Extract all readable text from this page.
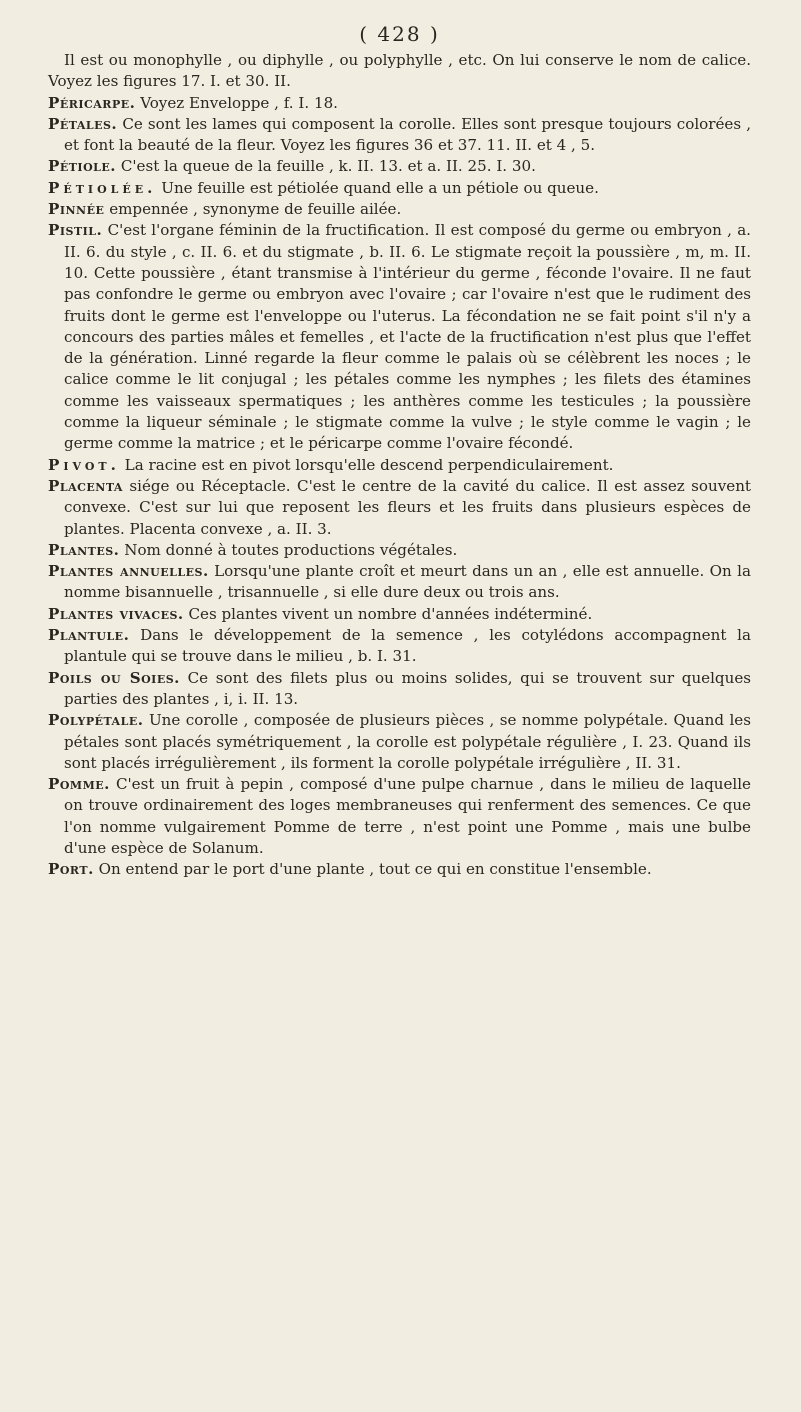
( 428 )

Il est ou monophylle , ou diphylle , ou polyphylle , etc. On lui conserve le nom de calice. Voyez les figures 17. I. et 30. II.

Péricarpe. Voyez Enveloppe , f. I. 18.

Pétales. Ce sont les lames qui composent la corolle. Elles sont presque toujours colorées , et font la beauté de la fleur. Voyez les figures 36 et 37. 11. II. et 4 , 5.

Pétiole. C'est la queue de la feuille , k. II. 13. et a. II. 25. I. 30.

Pétiolée. Une feuille est pétiolée quand elle a un pétiole ou queue.

Pinnée empennée , synonyme de feuille ailée.

Pistil. C'est l'organe féminin de la fructification. Il est composé du germe ou embryon , a. II. 6. du style , c. II. 6. et du stigmate , b. II. 6. Le stigmate reçoit la poussière , m, m. II. 10. Cette poussière , étant transmise à l'intérieur du germe , féconde l'ovaire. Il ne faut pas confondre le germe ou embryon avec l'ovaire ; car l'ovaire n'est que le rudiment des fruits dont le germe est l'enveloppe ou l'uterus. La fécondation ne se fait point s'il n'y a concours des parties mâles et femelles , et l'acte de la fructification n'est plus que l'effet de la génération. Linné regarde la fleur comme le palais où se célèbrent les noces ; le calice comme le lit conjugal ; les pétales comme les nymphes ; les filets des étamines comme les vaisseaux spermatiques ; les anthères comme les testicules ; la poussière comme la liqueur séminale ; le stigmate comme la vulve ; le style comme le vagin ; le germe comme la matrice ; et le péricarpe comme l'ovaire fécondé.

Pivot. La racine est en pivot lorsqu'elle descend perpendiculairement.

Placenta siége ou Réceptacle. C'est le centre de la cavité du calice. Il est assez souvent convexe. C'est sur lui que reposent les fleurs et les fruits dans plusieurs espèces de plantes. Placenta convexe , a. II. 3.

Plantes. Nom donné à toutes productions végétales.

Plantes annuelles. Lorsqu'une plante croît et meurt dans un an , elle est annuelle. On la nomme bisannuelle , trisannuelle , si elle dure deux ou trois ans.

Plantes vivaces. Ces plantes vivent un nombre d'années indéterminé.

Plantule. Dans le développement de la semence , les cotylédons accompagnent la plantule qui se trouve dans le milieu , b. I. 31.

Poils ou Soies. Ce sont des filets plus ou moins solides, qui se trouvent sur quelques parties des plantes , i, i. II. 13.

Polypétale. Une corolle , composée de plusieurs pièces , se nomme polypétale. Quand les pétales sont placés symétriquement , la corolle est polypétale régulière , I. 23. Quand ils sont placés irrégulièrement , ils forment la corolle polypétale irrégulière , II. 31.

Pomme. C'est un fruit à pepin , composé d'une pulpe charnue , dans le milieu de laquelle on trouve ordinairement des loges membraneuses qui renferment des semences. Ce que l'on nomme vulgairement Pomme de terre , n'est point une Pomme , mais une bulbe d'une espèce de Solanum.

Port. On entend par le port d'une plante , tout ce qui en constitue l'ensemble.
